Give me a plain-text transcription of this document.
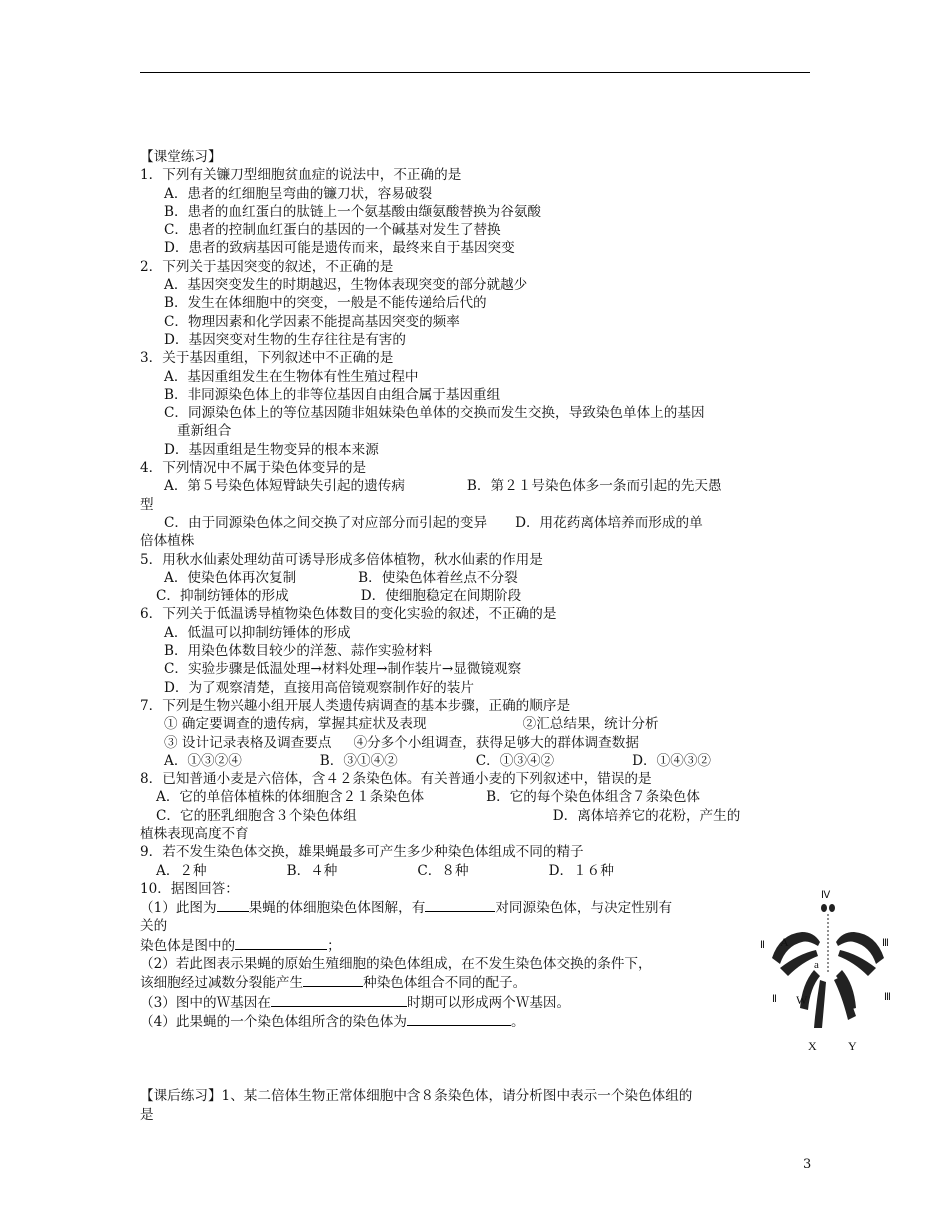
【课堂练习】
1．下列有关镰刀型细胞贫血症的说法中，不正确的是
A．患者的红细胞呈弯曲的镰刀状，容易破裂
B．患者的血红蛋白的肽链上一个氨基酸由缬氨酸替换为谷氨酸
C．患者的控制血红蛋白的基因的一个碱基对发生了替换
D．患者的致病基因可能是遗传而来，最终来自于基因突变
2．下列关于基因突变的叙述，不正确的是
A．基因突变发生的时期越迟，生物体表现突变的部分就越少
B．发生在体细胞中的突变，一般是不能传递给后代的
C．物理因素和化学因素不能提高基因突变的频率
D．基因突变对生物的生存往往是有害的
3．关于基因重组，下列叙述中不正确的是
A．基因重组发生在生物体有性生殖过程中
B．非同源染色体上的非等位基因自由组合属于基因重组
C．同源染色体上的等位基因随非姐妹染色单体的交换而发生交换，导致染色单体上的基因
重新组合
D．基因重组是生物变异的根本来源
4．下列情况中不属于染色体变异的是
A．第５号染色体短臂缺失引起的遗传病	B．第２１号染色体多一条而引起的先天愚
型
C．由于同源染色体之间交换了对应部分而引起的变异 D．用花药离体培养而形成的单
倍体植株
5．用秋水仙素处理幼苗可诱导形成多倍体植物，秋水仙素的作用是
A．使染色体再次复制	B．使染色体着丝点不分裂
C．抑制纺锤体的形成	D．使细胞稳定在间期阶段
6．下列关于低温诱导植物染色体数目的变化实验的叙述，不正确的是
A．低温可以抑制纺锤体的形成
B．用染色体数目较少的洋葱、蒜作实验材料
C．实验步骤是低温处理→材料处理→制作装片→显微镜观察
D．为了观察清楚，直接用高倍镜观察制作好的装片
7．下列是生物兴趣小组开展人类遗传病调查的基本步骤，正确的顺序是
① 确定要调查的遗传病，掌握其症状及表现	②汇总结果，统计分析
③ 设计记录表格及调查要点 ④分多个小组调查，获得足够大的群体调查数据
A．①③②④	B．③①④②	C．①③④②	D．①④③②
8．已知普通小麦是六倍体，含４２条染色体。有关普通小麦的下列叙述中，错误的是
A．它的单倍体植株的体细胞含２１条染色体	B．它的每个染色体组含７条染色体
C．它的胚乳细胞含３个染色体组	D．离体培养它的花粉，产生的
植株表现高度不育
9．若不发生染色体交换，雄果蝇最多可产生多少种染色体组成不同的精子
A．２种	B．４种	C．８种	D．１６种
10．据图回答：
（1）此图为 果蝇的体细胞染色体图解，有	对同源染色体，与决定性别有
关的
染色体是图中的	；
（2）若此图表示果蝇的原始生殖细胞的染色体组成，在不发生染色体交换的条件下，
该细胞经过减数分裂能产生	种染色体组合不同的配子。
（3）图中的Ｗ基因在	时期可以形成两个Ｗ基因。
（4）此果蝇的一个染色体组所含的染色体为	。
【课后练习】1、某二倍体生物正常体细胞中含８条染色体，请分析图中表示一个染色体组的
是
Ⅳ
Ⅱ A	Ⅲ
a
Ⅱ W	Ⅲ
X	Y
3
